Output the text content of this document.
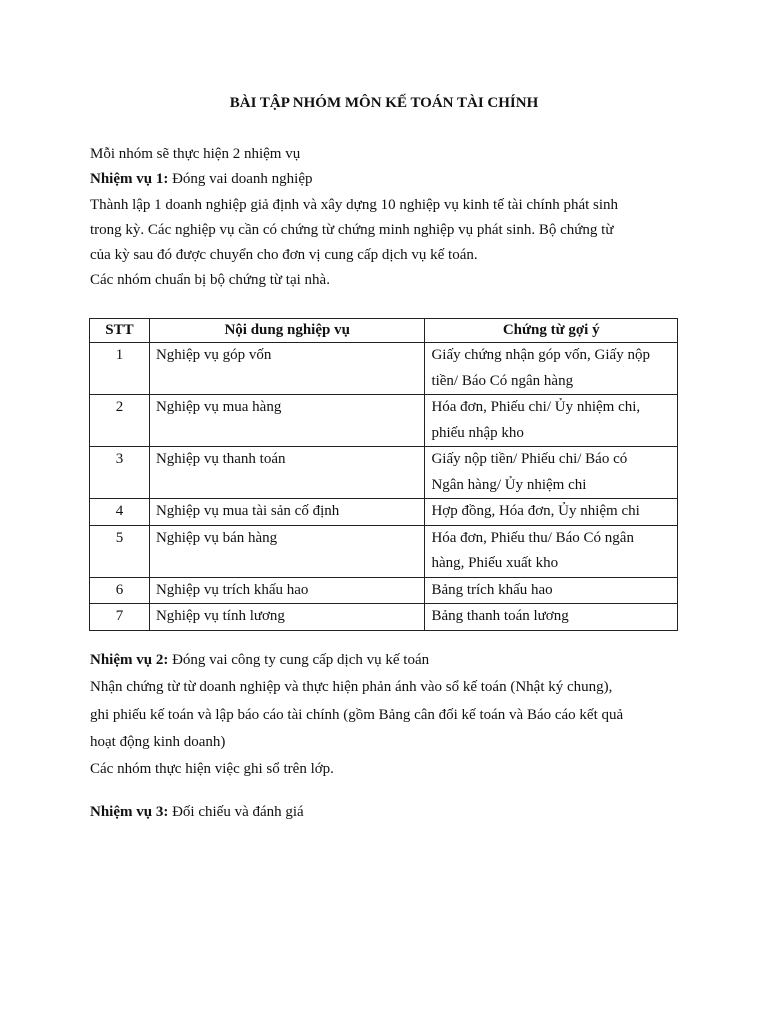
BÀI TẬP NHÓM MÔN KẾ TOÁN TÀI CHÍNH

Mỗi nhóm sẽ thực hiện 2 nhiệm vụ

Nhiệm vụ 1: Đóng vai doanh nghiệp

Thành lập 1 doanh nghiệp giả định và xây dựng 10 nghiệp vụ kinh tế tài chính phát sinh

trong kỳ. Các nghiệp vụ cần có chứng từ chứng minh nghiệp vụ phát sinh. Bộ chứng từ

của kỳ sau đó được chuyển cho đơn vị cung cấp dịch vụ kế toán.

Các nhóm chuẩn bị bộ chứng từ tại nhà.

STT	Nội dung nghiệp vụ	Chứng từ gợi ý
1	Nghiệp vụ góp vốn	Giấy chứng nhận góp vốn, Giấy nộp
tiền/ Báo Có ngân hàng

2	Nghiệp vụ mua hàng	Hóa đơn, Phiếu chi/ Ủy nhiệm chi,
phiếu nhập kho

3	Nghiệp vụ thanh toán	Giấy nộp tiền/ Phiếu chi/ Báo có
Ngân hàng/ Ủy nhiệm chi

4	Nghiệp vụ mua tài sản cố định	Hợp đồng, Hóa đơn, Ủy nhiệm chi
5	Nghiệp vụ bán hàng	Hóa đơn, Phiếu thu/ Báo Có ngân
hàng, Phiếu xuất kho

6	Nghiệp vụ trích khấu hao	Bảng trích khấu hao
7	Nghiệp vụ tính lương	Bảng thanh toán lương

Nhiệm vụ 2: Đóng vai công ty cung cấp dịch vụ kế toán

Nhận chứng từ từ doanh nghiệp và thực hiện phản ánh vào sổ kế toán (Nhật ký chung),

ghi phiếu kế toán và lập báo cáo tài chính (gồm Bảng cân đối kế toán và Báo cáo kết quả

hoạt động kinh doanh)

Các nhóm thực hiện việc ghi sổ trên lớp.

Nhiệm vụ 3: Đối chiếu và đánh giá
